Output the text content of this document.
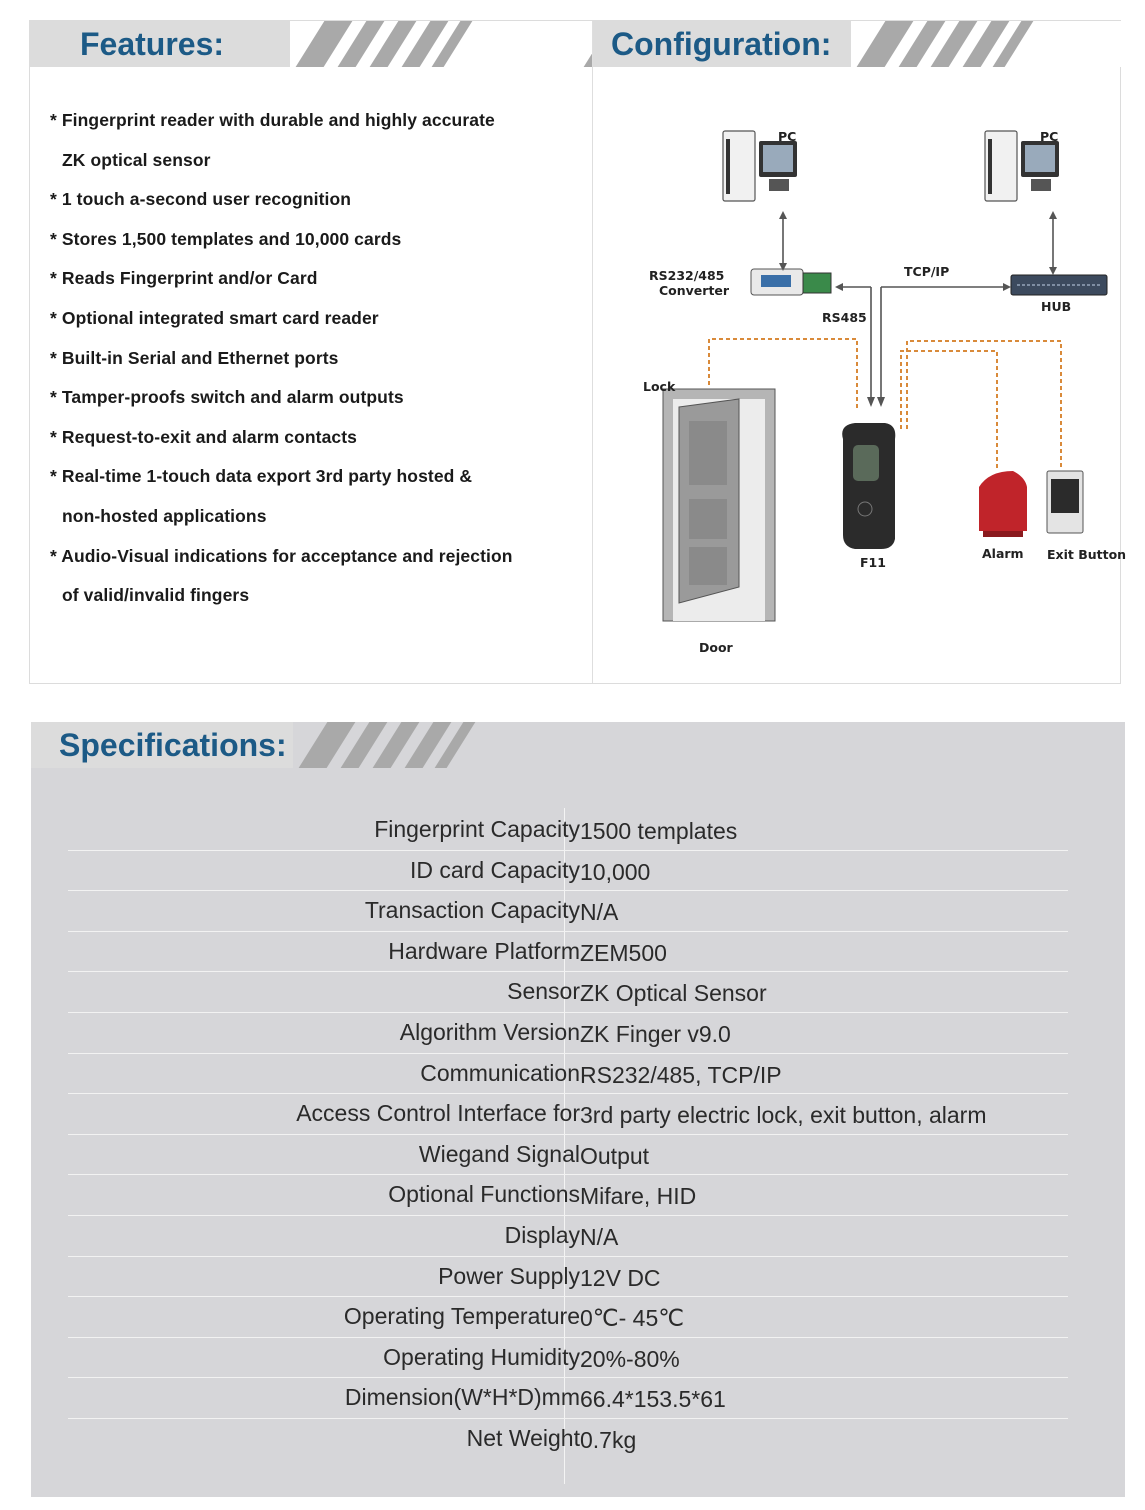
Features:	Configuration:
* Fingerprint reader with durable and highly accurate
ZK optical sensor
* 1 touch a-second user recognition
* Stores 1,500 templates and 10,000 cards
* Reads Fingerprint and/or Card
* Optional integrated smart card reader
* Built-in Serial and Ethernet ports
* Tamper-proofs switch and alarm outputs
* Request-to-exit and alarm contacts
* Real-time 1-touch data export 3rd party hosted &
non-hosted applications
* Audio-Visual indications for acceptance and rejection
of valid/invalid fingers
PC	PC
RS232/485
Converter
TCP/IP
HUB
RS485
Lock
F11
Alarm Exit Button
Door
Specifications:
Fingerprint Capacity 1500 templates
ID card Capacity 10,000
Transaction Capacity N/A
Hardware Platform ZEM500
Sensor ZK Optical Sensor
Algorithm Version ZK Finger v9.0
Communication RS232/485, TCP/IP
Access Control Interface for 3rd party electric lock, exit button, alarm
Wiegand Signal Output
Optional Functions Mifare, HID
Display N/A
Power Supply 12V DC
Operating Temperature 0℃- 45℃
Operating Humidity 20%-80%
Dimension(W*H*D)mm 66.4*153.5*61
Net Weight 0.7kg
